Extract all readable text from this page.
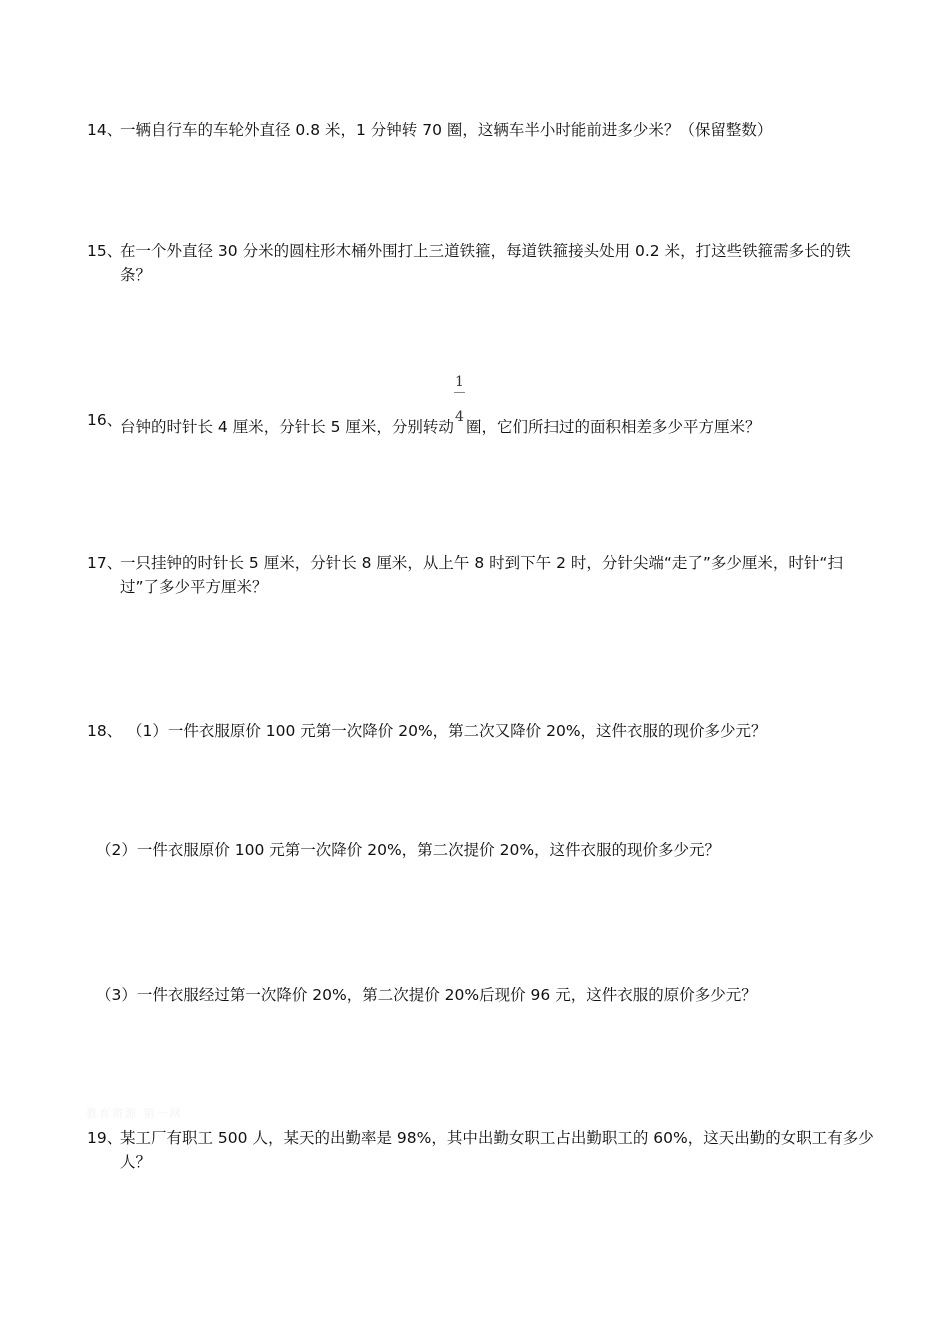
14、
一辆自行车的车轮外直径 0.8 米，1 分钟转 70 圈，这辆车半小时能前进多少米？（保留整数）
15、
在一个外直径 30 分米的圆柱形木桶外围打上三道铁箍，每道铁箍接头处用 0.2 米，打这些铁箍需多长的铁条？
16、
台钟的时针长 4 厘米，分针长 5 厘米，分别转动 $\frac{1}{4}$ 圈，它们所扫过的面积相差多少平方厘米？
17、
一只挂钟的时针长 5 厘米，分针长 8 厘米，从上午 8 时到下午 2 时，分针尖端“走了”多少厘米，时针“扫过”了多少平方厘米？
18、 （1）一件衣服原价 100 元第一次降价 20%，第二次又降价 20%，这件衣服的现价多少元？

（2）一件衣服原价 100 元第一次降价 20%，第二次提价 20%，这件衣服的现价多少元？

（3）一件衣服经过第一次降价 20%，第二次提价 20%后现价 96 元，这件衣服的原价多少元？

教育资源 第一网
19、
某工厂有职工 500 人，某天的出勤率是 98%，其中出勤女职工占出勤职工的 60%，这天出勤的女职工有多少人？
